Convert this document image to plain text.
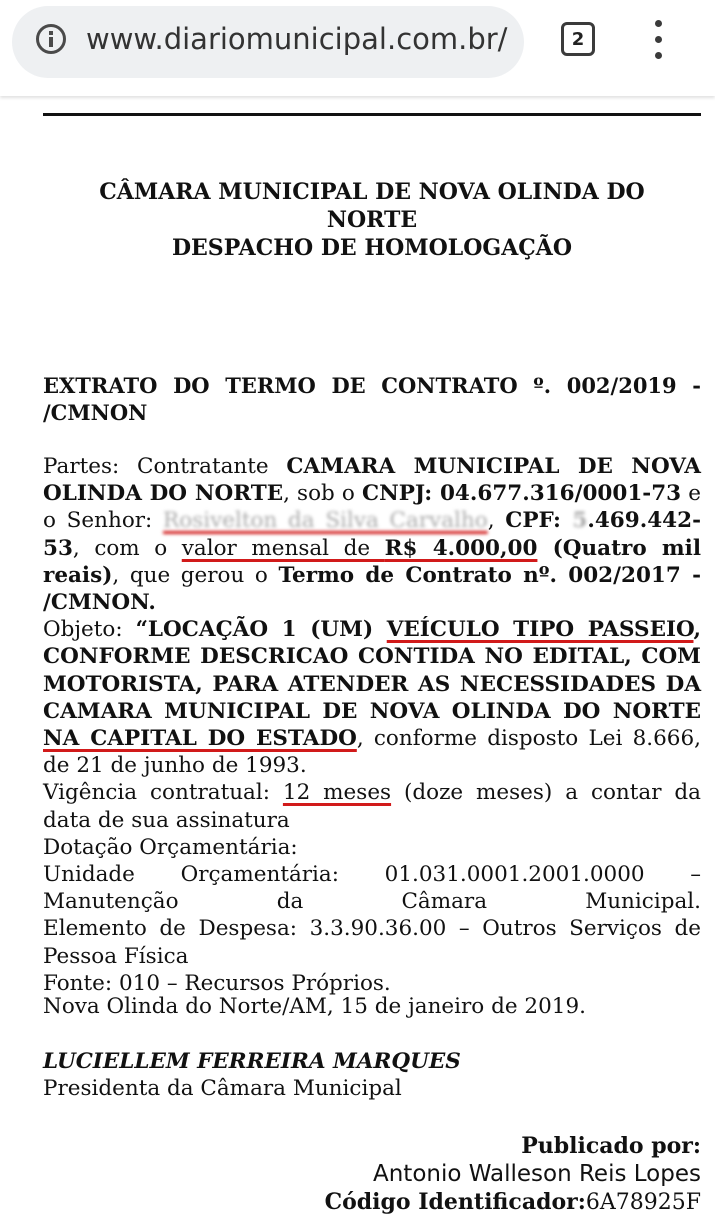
www.diariomunicipal.com.br/	2
CÂMARA MUNICIPAL DE NOVA OLINDA DO
NORTE
DESPACHO DE HOMOLOGAÇÃO
EXTRATO DO TERMO DE CONTRATO º. 002/2019 - /CMNON

Partes: Contratante CAMARA MUNICIPAL DE NOVA OLINDA DO NORTE, sob o CNPJ: 04.677.316/0001-73 e o Senhor: Rosivelton da Silva Carvalho, CPF: 5.469.442-53, com o valor mensal de R$ 4.000,00 (Quatro mil reais), que gerou o Termo de Contrato nº. 002/2017 - /CMNON.

Objeto: “LOCAÇÃO 1 (UM) VEÍCULO TIPO PASSEIO, CONFORME DESCRICAO CONTIDA NO EDITAL, COM MOTORISTA, PARA ATENDER AS NECESSIDADES DA CAMARA MUNICIPAL DE NOVA OLINDA DO NORTE NA CAPITAL DO ESTADO, conforme disposto Lei 8.666, de 21 de junho de 1993.

Vigência contratual: 12 meses (doze meses) a contar da data de sua assinatura

Dotação Orçamentária:

Unidade Orçamentária: 01.031.0001.2001.0000 – Manutenção da Câmara Municipal.

Elemento de Despesa: 3.3.90.36.00 – Outros Serviços de Pessoa Física

Fonte: 010 – Recursos Próprios.

Nova Olinda do Norte/AM, 15 de janeiro de 2019.
LUCIELLEM FERREIRA MARQUES
Presidenta da Câmara Municipal
Publicado por:
Antonio Walleson Reis Lopes
Código Identificador:6A78925F
